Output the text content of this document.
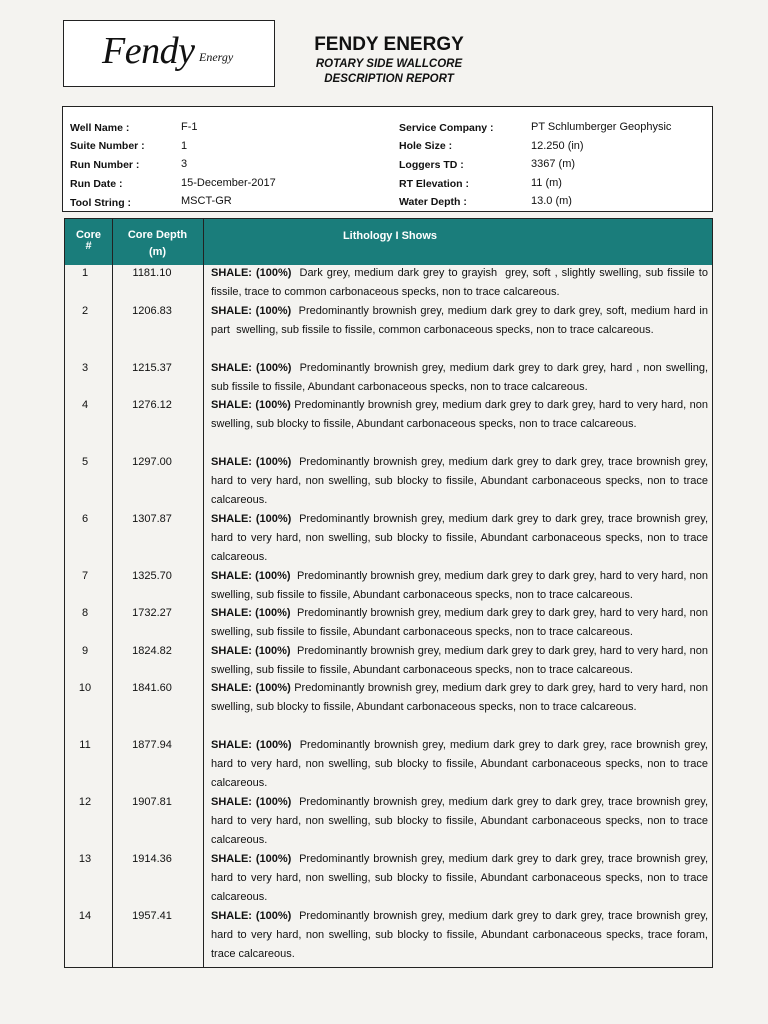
Fendy Energy
FENDY ENERGY
ROTARY SIDE WALLCORE
DESCRIPTION REPORT
Well Name :	F-1
Suite Number :	1
Run Number :	3
Run Date :	15-December-2017
Tool String :	MSCT-GR
Service Company :	PT Schlumberger Geophysic
Hole Size :	12.250 (in)
Loggers TD :	3367 (m)
RT Elevation :	11 (m)
Water Depth :	13.0 (m)
Core
#
Core Depth
(m)
Lithology I Shows
1	1181.10	SHALE: (100%)  Dark grey, medium dark grey to grayish  grey, soft , slightly swelling, sub fissile to fissile, trace to common carbonaceous specks, non to trace calcareous.
2	1206.83	SHALE: (100%)  Predominantly brownish grey, medium dark grey to dark grey, soft, medium hard in part  swelling, sub fissile to fissile, common carbonaceous specks, non to trace calcareous.
3	1215.37	SHALE: (100%)  Predominantly brownish grey, medium dark grey to dark grey, hard , non swelling, sub fissile to fissile, Abundant carbonaceous specks, non to trace calcareous.
4	1276.12	SHALE: (100%) Predominantly brownish grey, medium dark grey to dark grey, hard to very hard, non swelling, sub blocky to fissile, Abundant carbonaceous specks, non to trace calcareous.
5	1297.00	SHALE: (100%)  Predominantly brownish grey, medium dark grey to dark grey, trace brownish grey, hard to very hard, non swelling, sub blocky to fissile, Abundant carbonaceous specks, non to trace calcareous.
6	1307.87	SHALE: (100%)  Predominantly brownish grey, medium dark grey to dark grey, trace brownish grey, hard to very hard, non swelling, sub blocky to fissile, Abundant carbonaceous specks, non to trace calcareous.
7	1325.70	SHALE: (100%)  Predominantly brownish grey, medium dark grey to dark grey, hard to very hard, non swelling, sub fissile to fissile, Abundant carbonaceous specks, non to trace calcareous.
8	1732.27	SHALE: (100%)  Predominantly brownish grey, medium dark grey to dark grey, hard to very hard, non swelling, sub fissile to fissile, Abundant carbonaceous specks, non to trace calcareous.
9	1824.82	SHALE: (100%)  Predominantly brownish grey, medium dark grey to dark grey, hard to very hard, non swelling, sub fissile to fissile, Abundant carbonaceous specks, non to trace calcareous.
10	1841.60	SHALE: (100%) Predominantly brownish grey, medium dark grey to dark grey, hard to very hard, non swelling, sub blocky to fissile, Abundant carbonaceous specks, non to trace calcareous.
11	1877.94	SHALE: (100%)  Predominantly brownish grey, medium dark grey to dark grey, race brownish grey, hard to very hard, non swelling, sub blocky to fissile, Abundant carbonaceous specks, non to trace calcareous.
12	1907.81	SHALE: (100%)  Predominantly brownish grey, medium dark grey to dark grey, trace brownish grey, hard to very hard, non swelling, sub blocky to fissile, Abundant carbonaceous specks, non to trace calcareous.
13	1914.36	SHALE: (100%)  Predominantly brownish grey, medium dark grey to dark grey, trace brownish grey, hard to very hard, non swelling, sub blocky to fissile, Abundant carbonaceous specks, non to trace calcareous.
14	1957.41	SHALE: (100%)  Predominantly brownish grey, medium dark grey to dark grey, trace brownish grey, hard to very hard, non swelling, sub blocky to fissile, Abundant carbonaceous specks, trace foram, trace calcareous.
